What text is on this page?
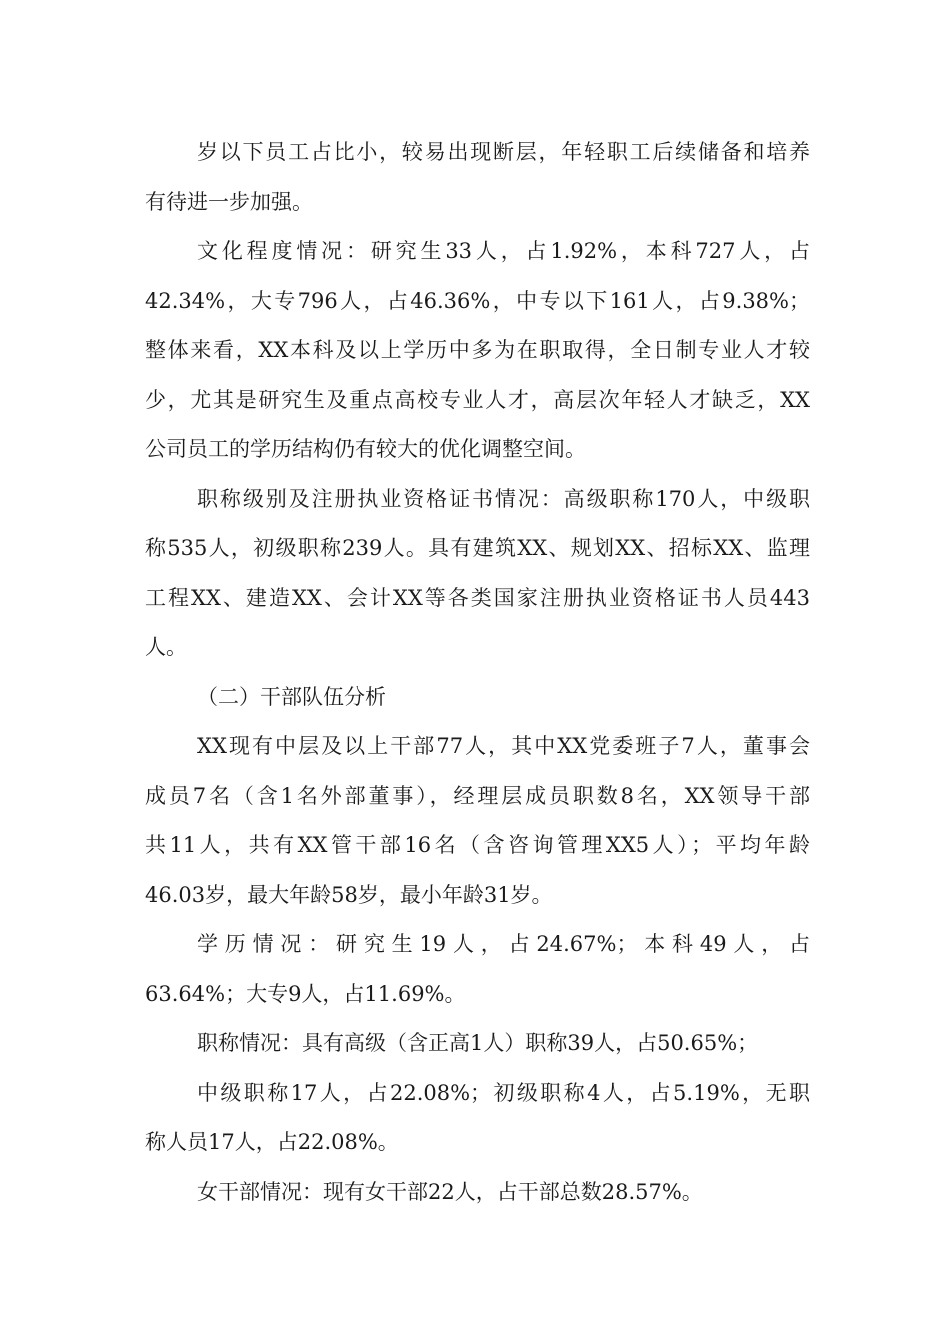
岁以下员工占比小，较易出现断层，年轻职工后续储备和培养
有待进一步加强。
文化程度情况：研究生33人，占1.92%，本科727人，占
42.34%，大专796人，占46.36%，中专以下161人，占9.38%；
整体来看，XX本科及以上学历中多为在职取得，全日制专业人才较
少，尤其是研究生及重点高校专业人才，高层次年轻人才缺乏，XX
公司员工的学历结构仍有较大的优化调整空间。
职称级别及注册执业资格证书情况：高级职称170人，中级职
称535人，初级职称239人。具有建筑XX、规划XX、招标XX、监理
工程XX、建造XX、会计XX等各类国家注册执业资格证书人员443
人。
（二）干部队伍分析
XX现有中层及以上干部77人，其中XX党委班子7人，董事会
成员7名（含1名外部董事），经理层成员职数8名，XX领导干部
共11人，共有XX管干部16名（含咨询管理XX5人）；平均年龄
46.03岁，最大年龄58岁，最小年龄31岁。
学历情况：研究生19人，占24.67%；本科49人，占
63.64%；大专9人，占11.69%。
职称情况：具有高级（含正高1人）职称39人，占50.65%；
中级职称17人，占22.08%；初级职称4人，占5.19%，无职
称人员17人，占22.08%。
女干部情况：现有女干部22人，占干部总数28.57%。
